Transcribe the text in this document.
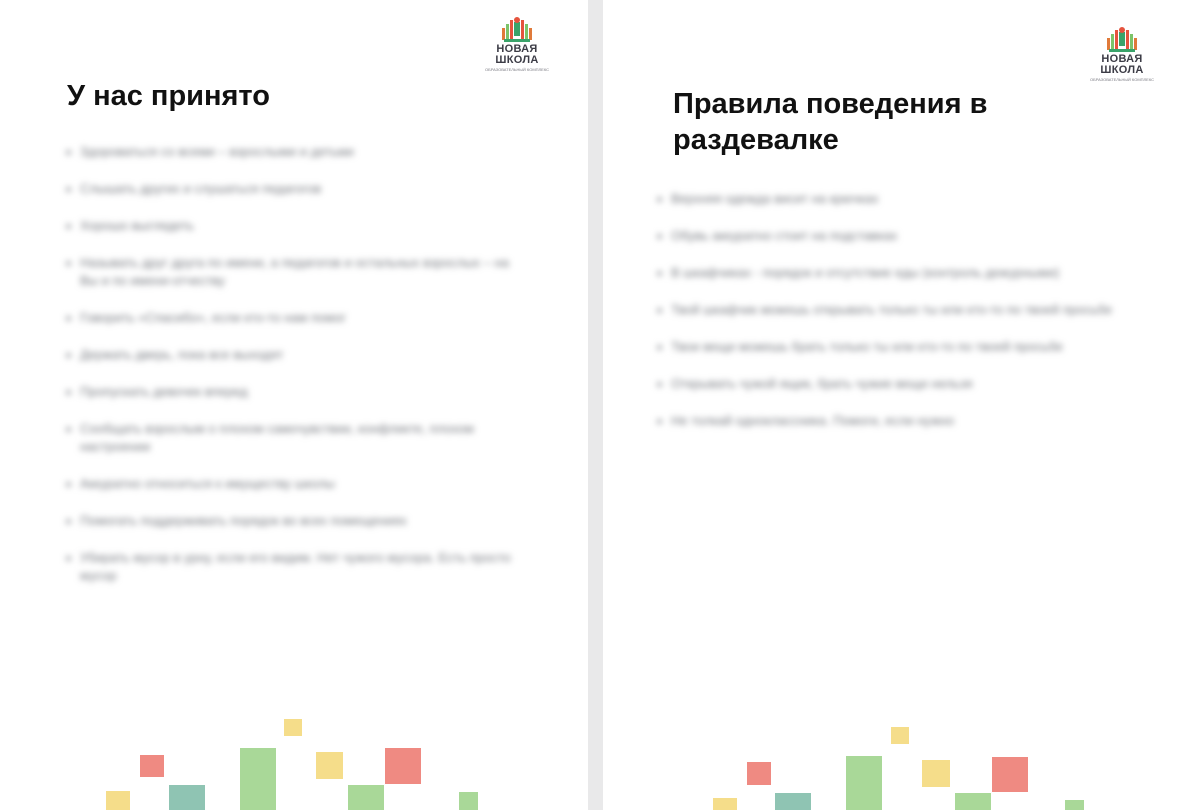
НОВАЯ
ШКОЛА
ОБРАЗОВАТЕЛЬНЫЙ КОМПЛЕКС
У нас принято
Здороваться со всеми – взрослыми и детьми
Слышать других и слушаться педагогов
Хорошо выглядеть
Называть друг друга по имени, а педагогов и остальных взрослых – на Вы и по имени-отчеству
Говорить «Спасибо», если кто-то нам помог
Держать дверь, пока все выходят
Пропускать девочек вперед
Сообщать взрослым о плохом самочувствии, конфликте, плохом настроении
Аккуратно относиться к имуществу школы
Помогать поддерживать порядок во всех помещениях
Убирать мусор в урну, если его видим. Нет чужого мусора. Есть просто мусор
НОВАЯ
ШКОЛА
ОБРАЗОВАТЕЛЬНЫЙ КОМПЛЕКС
Правила поведения в раздевалке
Верхняя одежда висит на крючках
Обувь аккуратно стоит на подставках
В шкафчиках - порядок и отсутствие еды (контроль дежурными)
Твой шкафчик можешь открывать только ты или кто-то по твоей просьбе
Твои вещи можешь брать только ты или кто-то по твоей просьбе
Открывать чужой ящик, брать чужие вещи нельзя
Не толкай одноклассника. Помоги, если нужно
